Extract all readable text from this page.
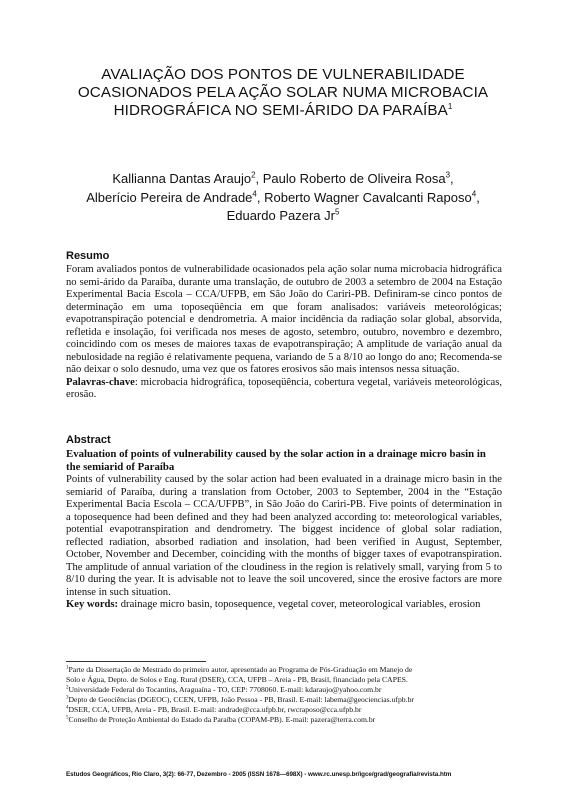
AVALIAÇÃO DOS PONTOS DE VULNERABILIDADE OCASIONADOS PELA AÇÃO SOLAR NUMA MICROBACIA HIDROGRÁFICA NO SEMI-ÁRIDO DA PARAÍBA$^1$
Kallianna Dantas Araujo$^2$, Paulo Roberto de Oliveira Rosa$^3$,
Alberício Pereira de Andrade$^4$, Roberto Wagner Cavalcanti Raposo$^4$, Eduardo Pazera Jr$^5$
Resumo

Foram avaliados pontos de vulnerabilidade ocasionados pela ação solar numa microbacia hidrográfica no semi-árido da Paraíba, durante uma translação, de outubro de 2003 a setembro de 2004 na Estação Experimental Bacia Escola – CCA/UFPB, em São João do Cariri-PB. Definiram-se cinco pontos de determinação em uma toposeqüência em que foram analisados: variáveis meteorológicas; evapotranspiração potencial e dendrometria. A maior incidência da radiação solar global, absorvida, refletida e insolação, foi verificada nos meses de agosto, setembro, outubro, novembro e dezembro, coincidindo com os meses de maiores taxas de evapotranspiração; A amplitude de variação anual da nebulosidade na região é relativamente pequena, variando de 5 a 8/10 ao longo do ano; Recomenda-se não deixar o solo desnudo, uma vez que os fatores erosivos são mais intensos nessa situação.

Palavras-chave: microbacia hidrográfica, toposeqüência, cobertura vegetal, variáveis meteorológicas, erosão.

Abstract
Evaluation of points of vulnerability caused by the solar action in a drainage micro basin in the semiarid of Paraíba

Points of vulnerability caused by the solar action had been evaluated in a drainage micro basin in the semiarid of Paraíba, during a translation from October, 2003 to September, 2004 in the “Estação Experimental Bacia Escola – CCA/UFPB”, in São João do Cariri-PB. Five points of determination in a toposequence had been defined and they had been analyzed according to: meteorological variables, potential evapotranspiration and dendrometry. The biggest incidence of global solar radiation, reflected radiation, absorbed radiation and insolation, had been verified in August, September, October, November and December, coinciding with the months of bigger taxes of evapotranspiration. The amplitude of annual variation of the cloudiness in the region is relatively small, varying from 5 to 8/10 during the year. It is advisable not to leave the soil uncovered, since the erosive factors are more intense in such situation.

Key words: drainage micro basin, toposequence, vegetal cover, meteorological variables, erosion

$^1$Parte da Dissertação de Mestrado do primeiro autor, apresentado ao Programa de Pós-Graduação em Manejo de
Solo e Água, Depto. de Solos e Eng. Rural (DSER), CCA, UFPB – Areia - PB, Brasil, financiado pela CAPES.
$^2$Universidade Federal do Tocantins, Araguaína - TO, CEP: 7708060. E-mail: kdaraujo@yahoo.com.br
$^3$Depto de Geociências (DGEOC), CCEN, UFPB, João Pessoa - PB, Brasil. E-mail: labema@geociencias.ufpb.br
$^4$DSER, CCA, UFPB, Areia - PB, Brasil. E-mail: andrade@cca.ufpb.br, rwcraposo@cca.ufpb.br
$^5$Conselho de Proteção Ambiental do Estado da Paraíba (COPAM-PB). E-mail: pazera@terra.com.br
Estudos Geográficos, Rio Claro, 3(2): 66-77, Dezembro - 2005 (ISSN 1678—698X) - www.rc.unesp.br/igce/grad/geografia/revista.htm
